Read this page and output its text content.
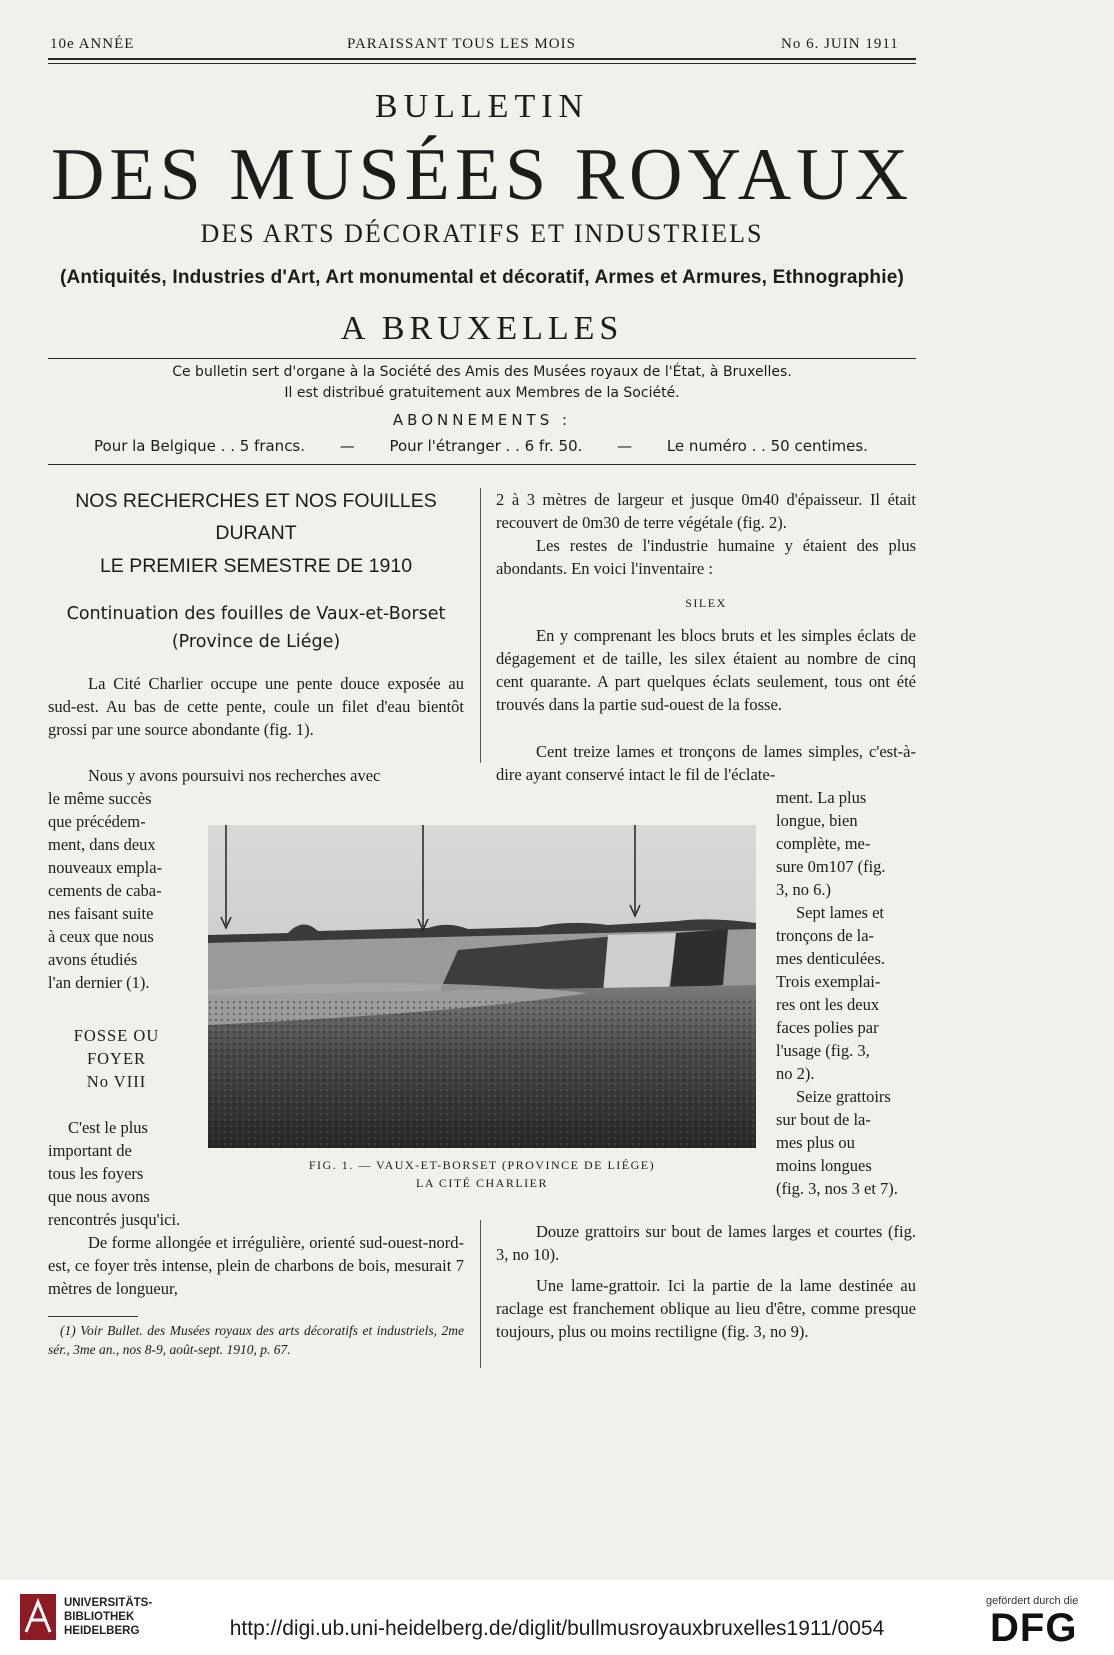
10e ANNÉE	PARAISSANT TOUS LES MOIS	No 6. JUIN 1911
BULLETIN
DES MUSÉES ROYAUX
DES ARTS DÉCORATIFS ET INDUSTRIELS
(Antiquités, Industries d'Art, Art monumental et décoratif, Armes et Armures, Ethnographie)
A BRUXELLES
Ce bulletin sert d'organe à la Société des Amis des Musées royaux de l'État, à Bruxelles.
Il est distribué gratuitement aux Membres de la Société.
ABONNEMENTS :
Pour la Belgique . . 5 francs. — Pour l'étranger . . 6 fr. 50. — Le numéro . . 50 centimes.
NOS RECHERCHES ET NOS FOUILLES
DURANT
LE PREMIER SEMESTRE DE 1910
Continuation des fouilles de Vaux-et-Borset
(Province de Liége)
La Cité Charlier occupe une pente douce exposée au sud-est. Au bas de cette pente, coule un filet d'eau bientôt grossi par une source abondante (fig. 1).
Nous y avons poursuivi nos recherches avec

le même succès

que précédem-

ment, dans deux

nouveaux empla-

cements de caba-

nes faisant suite

à ceux que nous

avons étudiés

l'an dernier (1).

FOSSE OU

FOYER

No VIII

C'est le plus

important de

tous les foyers

que nous avons

rencontrés jusqu'ici.
De forme allongée et irrégulière, orienté sud-ouest-nord-est, ce foyer très intense, plein de charbons de bois, mesurait 7 mètres de longueur,
(1) Voir Bullet. des Musées royaux des arts décoratifs et industriels, 2me sér., 3me an., nos 8-9, août-sept. 1910, p. 67.
2 à 3 mètres de largeur et jusque 0m40 d'épaisseur. Il était recouvert de 0m30 de terre végétale (fig. 2).
Les restes de l'industrie humaine y étaient des plus abondants. En voici l'inventaire :
SILEX
En y comprenant les blocs bruts et les simples éclats de dégagement et de taille, les silex étaient au nombre de cinq cent quarante. A part quelques éclats seulement, tous ont été trouvés dans la partie sud-ouest de la fosse.
Cent treize lames et tronçons de lames simples, c'est-à-dire ayant conservé intact le fil de l'éclate-

ment. La plus

longue, bien

complète, me-

sure 0m107 (fig.

3, no 6.)

Sept lames et

tronçons de la-

mes denticulées.

Trois exemplai-

res ont les deux

faces polies par

l'usage (fig. 3,

no 2).

Seize grattoirs

sur bout de la-

mes plus ou

moins longues

(fig. 3, nos 3 et 7).

Douze grattoirs sur bout de lames larges et courtes (fig. 3, no 10).
Une lame-grattoir. Ici la partie de la lame destinée au raclage est franchement oblique au lieu d'être, comme presque toujours, plus ou moins rectiligne (fig. 3, no 9).
FIG. 1. — VAUX-ET-BORSET (PROVINCE DE LIÉGE)
LA CITÉ CHARLIER
UNIVERSITÄTS-
BIBLIOTHEK
HEIDELBERG	http://digi.ub.uni-heidelberg.de/diglit/bullmusroyauxbruxelles1911/0054
gefördert durch die
DFG
